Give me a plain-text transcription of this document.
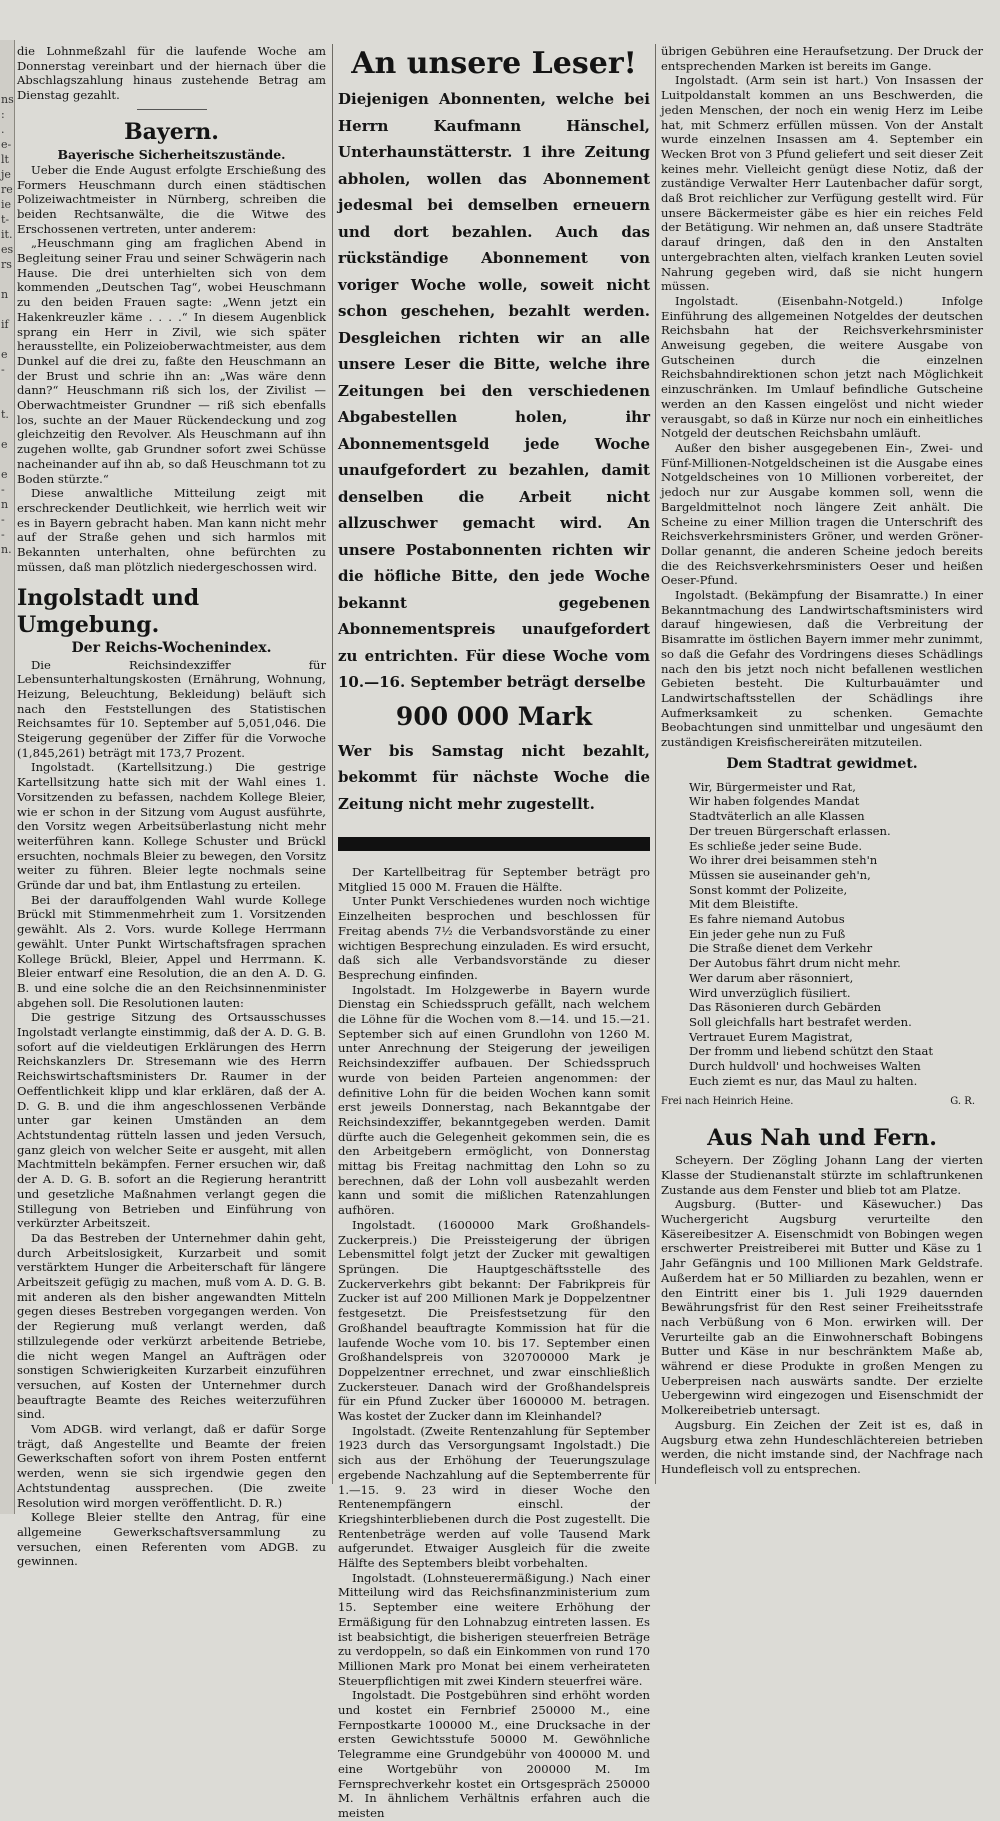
ns
:
.
e-
lt
je
re
ie
t-
it.
es
rs

n

if

e
-

t.

e

e
-
n
-
-
n.

die Lohnmeßzahl für die laufende Woche am Donnerstag vereinbart und der hiernach über die Abschlagszahlung hinaus zustehende Betrag am Dienstag gezahlt.

Bayern.
Bayerische Sicherheitszustände.

Ueber die Ende August erfolgte Erschießung des Formers Heuschmann durch einen städtischen Polizeiwachtmeister in Nürnberg, schreiben die beiden Rechtsanwälte, die die Witwe des Erschossenen vertreten, unter anderem:

„Heuschmann ging am fraglichen Abend in Begleitung seiner Frau und seiner Schwägerin nach Hause. Die drei unterhielten sich von dem kommenden „Deutschen Tag“, wobei Heuschmann zu den beiden Frauen sagte: „Wenn jetzt ein Hakenkreuzler käme . . . .“ In diesem Augenblick sprang ein Herr in Zivil, wie sich später herausstellte, ein Polizeioberwachtmeister, aus dem Dunkel auf die drei zu, faßte den Heuschmann an der Brust und schrie ihn an: „Was wäre denn dann?“ Heuschmann riß sich los, der Zivilist — Oberwachtmeister Grundner — riß sich ebenfalls los, suchte an der Mauer Rückendeckung und zog gleichzeitig den Revolver. Als Heuschmann auf ihn zugehen wollte, gab Grundner sofort zwei Schüsse nacheinander auf ihn ab, so daß Heuschmann tot zu Boden stürzte.“

Diese anwaltliche Mitteilung zeigt mit erschreckender Deutlichkeit, wie herrlich weit wir es in Bayern gebracht haben. Man kann nicht mehr auf der Straße gehen und sich harmlos mit Bekannten unterhalten, ohne befürchten zu müssen, daß man plötzlich niedergeschossen wird.

Ingolstadt und Umgebung.
Der Reichs-Wochenindex.

Die Reichsindexziffer für Lebensunterhaltungskosten (Ernährung, Wohnung, Heizung, Beleuchtung, Bekleidung) beläuft sich nach den Feststellungen des Statistischen Reichsamtes für 10. September auf 5,051,046. Die Steigerung gegenüber der Ziffer für die Vorwoche (1,845,261) beträgt mit 173,7 Prozent.

Ingolstadt. (Kartellsitzung.) Die gestrige Kartellsitzung hatte sich mit der Wahl eines 1. Vorsitzenden zu befassen, nachdem Kollege Bleier, wie er schon in der Sitzung vom August ausführte, den Vorsitz wegen Arbeitsüberlastung nicht mehr weiterführen kann. Kollege Schuster und Brückl ersuchten, nochmals Bleier zu bewegen, den Vorsitz weiter zu führen. Bleier legte nochmals seine Gründe dar und bat, ihm Entlastung zu erteilen.

Bei der darauffolgenden Wahl wurde Kollege Brückl mit Stimmenmehrheit zum 1. Vorsitzenden gewählt. Als 2. Vors. wurde Kollege Herrmann gewählt. Unter Punkt Wirtschaftsfragen sprachen Kollege Brückl, Bleier, Appel und Herrmann. K. Bleier entwarf eine Resolution, die an den A. D. G. B. und eine solche die an den Reichsinnenminister abgehen soll. Die Resolutionen lauten:

Die gestrige Sitzung des Ortsausschusses Ingolstadt verlangte einstimmig, daß der A. D. G. B. sofort auf die vieldeutigen Erklärungen des Herrn Reichskanzlers Dr. Stresemann wie des Herrn Reichswirtschaftsministers Dr. Raumer in der Oeffentlichkeit klipp und klar erklären, daß der A. D. G. B. und die ihm angeschlossenen Verbände unter gar keinen Umständen an dem Achtstundentag rütteln lassen und jeden Versuch, ganz gleich von welcher Seite er ausgeht, mit allen Machtmitteln bekämpfen. Ferner ersuchen wir, daß der A. D. G. B. sofort an die Regierung herantritt und gesetzliche Maßnahmen verlangt gegen die Stillegung von Betrieben und Einführung von verkürzter Arbeitszeit.

Da das Bestreben der Unternehmer dahin geht, durch Arbeitslosigkeit, Kurzarbeit und somit verstärktem Hunger die Arbeiterschaft für längere Arbeitszeit gefügig zu machen, muß vom A. D. G. B. mit anderen als den bisher angewandten Mitteln gegen dieses Bestreben vorgegangen werden. Von der Regierung muß verlangt werden, daß stillzulegende oder verkürzt arbeitende Betriebe, die nicht wegen Mangel an Aufträgen oder sonstigen Schwierigkeiten Kurzarbeit einzuführen versuchen, auf Kosten der Unternehmer durch beauftragte Beamte des Reiches weiterzuführen sind.

Vom ADGB. wird verlangt, daß er dafür Sorge trägt, daß Angestellte und Beamte der freien Gewerkschaften sofort von ihrem Posten entfernt werden, wenn sie sich irgendwie gegen den Achtstundentag aussprechen. (Die zweite Resolution wird morgen veröffentlicht. D. R.)

Kollege Bleier stellte den Antrag, für eine allgemeine Gewerkschaftsversammlung zu versuchen, einen Referenten vom ADGB. zu gewinnen.

An unsere Leser!
Diejenigen Abonnenten, welche bei Herrn Kaufmann Hänschel, Unterhaunstätterstr. 1 ihre Zeitung abholen, wollen das Abonnement jedesmal bei demselben erneuern und dort bezahlen. Auch das rückständige Abonnement von voriger Woche wolle, soweit nicht schon geschehen, bezahlt werden. Desgleichen richten wir an alle unsere Leser die Bitte, welche ihre Zeitungen bei den verschiedenen Abgabestellen holen, ihr Abonnementsgeld jede Woche unaufgefordert zu bezahlen, damit denselben die Arbeit nicht allzuschwer gemacht wird. An unsere Postabonnenten richten wir die höfliche Bitte, den jede Woche bekannt gegebenen Abonnementspreis unaufgefordert zu entrichten. Für diese Woche vom 10.—16. September beträgt derselbe
900 000 Mark
Wer bis Samstag nicht bezahlt, bekommt für nächste Woche die Zeitung nicht mehr zugestellt.

Der Kartellbeitrag für September beträgt pro Mitglied 15 000 M. Frauen die Hälfte.

Unter Punkt Verschiedenes wurden noch wichtige Einzelheiten besprochen und beschlossen für Freitag abends 7½ die Verbandsvorstände zu einer wichtigen Besprechung einzuladen. Es wird ersucht, daß sich alle Verbandsvorstände zu dieser Besprechung einfinden.

Ingolstadt. Im Holzgewerbe in Bayern wurde Dienstag ein Schiedsspruch gefällt, nach welchem die Löhne für die Wochen vom 8.—14. und 15.—21. September sich auf einen Grundlohn von 1260 M. unter Anrechnung der Steigerung der jeweiligen Reichsindexziffer aufbauen. Der Schiedsspruch wurde von beiden Parteien angenommen: der definitive Lohn für die beiden Wochen kann somit erst jeweils Donnerstag, nach Bekanntgabe der Reichsindexziffer, bekanntgegeben werden. Damit dürfte auch die Gelegenheit gekommen sein, die es den Arbeitgebern ermöglicht, von Donnerstag mittag bis Freitag nachmittag den Lohn so zu berechnen, daß der Lohn voll ausbezahlt werden kann und somit die mißlichen Ratenzahlungen aufhören.

Ingolstadt. (1600000 Mark Großhandels-Zuckerpreis.) Die Preissteigerung der übrigen Lebensmittel folgt jetzt der Zucker mit gewaltigen Sprüngen. Die Hauptgeschäftsstelle des Zuckerverkehrs gibt bekannt: Der Fabrikpreis für Zucker ist auf 200 Millionen Mark je Doppelzentner festgesetzt. Die Preisfestsetzung für den Großhandel beauftragte Kommission hat für die laufende Woche vom 10. bis 17. September einen Großhandelspreis von 320700000 Mark je Doppelzentner errechnet, und zwar einschließlich Zuckersteuer. Danach wird der Großhandelspreis für ein Pfund Zucker über 1600000 M. betragen. Was kostet der Zucker dann im Kleinhandel?

Ingolstadt. (Zweite Rentenzahlung für September 1923 durch das Versorgungsamt Ingolstadt.) Die sich aus der Erhöhung der Teuerungszulage ergebende Nachzahlung auf die Septemberrente für 1.—15. 9. 23 wird in dieser Woche den Rentenempfängern einschl. der Kriegshinterbliebenen durch die Post zugestellt. Die Rentenbeträge werden auf volle Tausend Mark aufgerundet. Etwaiger Ausgleich für die zweite Hälfte des Septembers bleibt vorbehalten.

Ingolstadt. (Lohnsteuerermäßigung.) Nach einer Mitteilung wird das Reichsfinanzministerium zum 15. September eine weitere Erhöhung der Ermäßigung für den Lohnabzug eintreten lassen. Es ist beabsichtigt, die bisherigen steuerfreien Beträge zu verdoppeln, so daß ein Einkommen von rund 170 Millionen Mark pro Monat bei einem verheirateten Steuerpflichtigen mit zwei Kindern steuerfrei wäre.

Ingolstadt. Die Postgebühren sind erhöht worden und kostet ein Fernbrief 250000 M., eine Fernpostkarte 100000 M., eine Drucksache in der ersten Gewichtsstufe 50000 M. Gewöhnliche Telegramme eine Grundgebühr von 400000 M. und eine Wortgebühr von 200000 M. Im Fernsprechverkehr kostet ein Ortsgespräch 250000 M. In ähnlichem Verhältnis erfahren auch die meisten

übrigen Gebühren eine Heraufsetzung. Der Druck der entsprechenden Marken ist bereits im Gange.

Ingolstadt. (Arm sein ist hart.) Von Insassen der Luitpoldanstalt kommen an uns Beschwerden, die jeden Menschen, der noch ein wenig Herz im Leibe hat, mit Schmerz erfüllen müssen. Von der Anstalt wurde einzelnen Insassen am 4. September ein Wecken Brot von 3 Pfund geliefert und seit dieser Zeit keines mehr. Vielleicht genügt diese Notiz, daß der zuständige Verwalter Herr Lautenbacher dafür sorgt, daß Brot reichlicher zur Verfügung gestellt wird. Für unsere Bäckermeister gäbe es hier ein reiches Feld der Betätigung. Wir nehmen an, daß unsere Stadträte darauf dringen, daß den in den Anstalten untergebrachten alten, vielfach kranken Leuten soviel Nahrung gegeben wird, daß sie nicht hungern müssen.

Ingolstadt. (Eisenbahn-Notgeld.) Infolge Einführung des allgemeinen Notgeldes der deutschen Reichsbahn hat der Reichsverkehrsminister Anweisung gegeben, die weitere Ausgabe von Gutscheinen durch die einzelnen Reichsbahndirektionen schon jetzt nach Möglichkeit einzuschränken. Im Umlauf befindliche Gutscheine werden an den Kassen eingelöst und nicht wieder verausgabt, so daß in Kürze nur noch ein einheitliches Notgeld der deutschen Reichsbahn umläuft.

Außer den bisher ausgegebenen Ein-, Zwei- und Fünf-Millionen-Notgeldscheinen ist die Ausgabe eines Notgeldscheines von 10 Millionen vorbereitet, der jedoch nur zur Ausgabe kommen soll, wenn die Bargeldmittelnot noch längere Zeit anhält. Die Scheine zu einer Million tragen die Unterschrift des Reichsverkehrsministers Gröner, und werden Gröner-Dollar genannt, die anderen Scheine jedoch bereits die des Reichsverkehrsministers Oeser und heißen Oeser-Pfund.

Ingolstadt. (Bekämpfung der Bisamratte.) In einer Bekanntmachung des Landwirtschaftsministers wird darauf hingewiesen, daß die Verbreitung der Bisamratte im östlichen Bayern immer mehr zunimmt, so daß die Gefahr des Vordringens dieses Schädlings nach den bis jetzt noch nicht befallenen westlichen Gebieten besteht. Die Kulturbauämter und Landwirtschaftsstellen der Schädlings ihre Aufmerksamkeit zu schenken. Gemachte Beobachtungen sind unmittelbar und ungesäumt den zuständigen Kreisfischereiräten mitzuteilen.

Dem Stadtrat gewidmet.
Wir, Bürgermeister und Rat,
Wir haben folgendes Mandat
Stadtväterlich an alle Klassen
Der treuen Bürgerschaft erlassen.
Es schließe jeder seine Bude.
Wo ihrer drei beisammen steh'n
Müssen sie auseinander geh'n,
Sonst kommt der Polizeite,
Mit dem Bleistifte.
Es fahre niemand Autobus
Ein jeder gehe nun zu Fuß
Die Straße dienet dem Verkehr
Der Autobus fährt drum nicht mehr.
Wer darum aber räsonniert,
Wird unverzüglich füsiliert.
Das Räsonieren durch Gebärden
Soll gleichfalls hart bestrafet werden.
Vertrauet Eurem Magistrat,
Der fromm und liebend schützt den Staat
Durch huldvoll' und hochweises Walten
Euch ziemt es nur, das Maul zu halten.
Frei nach Heinrich Heine.	G. R.
Aus Nah und Fern.

Scheyern. Der Zögling Johann Lang der vierten Klasse der Studienanstalt stürzte im schlaftrunkenen Zustande aus dem Fenster und blieb tot am Platze.

Augsburg. (Butter- und Käsewucher.) Das Wuchergericht Augsburg verurteilte den Käsereibesitzer A. Eisenschmidt von Bobingen wegen erschwerter Preistreiberei mit Butter und Käse zu 1 Jahr Gefängnis und 100 Millionen Mark Geldstrafe. Außerdem hat er 50 Milliarden zu bezahlen, wenn er den Eintritt einer bis 1. Juli 1929 dauernden Bewährungsfrist für den Rest seiner Freiheitsstrafe nach Verbüßung von 6 Mon. erwirken will. Der Verurteilte gab an die Einwohnerschaft Bobingens Butter und Käse in nur beschränktem Maße ab, während er diese Produkte in großen Mengen zu Ueberpreisen nach auswärts sandte. Der erzielte Uebergewinn wird eingezogen und Eisenschmidt der Molkereibetrieb untersagt.

Augsburg. Ein Zeichen der Zeit ist es, daß in Augsburg etwa zehn Hundeschlächtereien betrieben werden, die nicht imstande sind, der Nachfrage nach Hundefleisch voll zu entsprechen.
